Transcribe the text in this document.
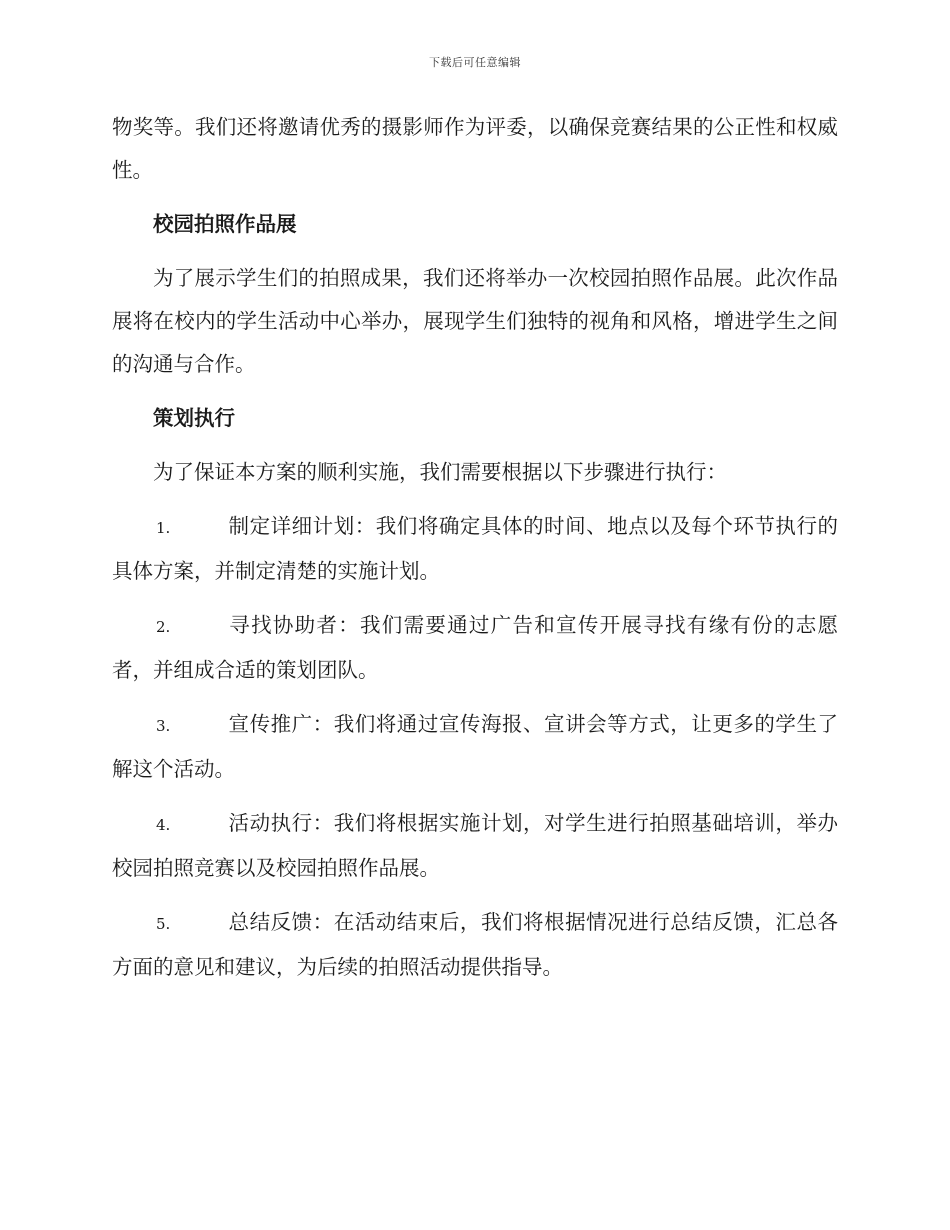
下载后可任意编辑

物奖等。我们还将邀请优秀的摄影师作为评委，以确保竞赛结果的公正性和权威性。

校园拍照作品展

为了展示学生们的拍照成果，我们还将举办一次校园拍照作品展。此次作品展将在校内的学生活动中心举办，展现学生们独特的视角和风格，增进学生之间的沟通与合作。

策划执行

为了保证本方案的顺利实施，我们需要根据以下步骤进行执行：

1.	制定详细计划：我们将确定具体的时间、地点以及每个环节执行的具体方案，并制定清楚的实施计划。
2.	寻找协助者：我们需要通过广告和宣传开展寻找有缘有份的志愿者，并组成合适的策划团队。
3.	宣传推广：我们将通过宣传海报、宣讲会等方式，让更多的学生了解这个活动。
4.	活动执行：我们将根据实施计划，对学生进行拍照基础培训，举办校园拍照竞赛以及校园拍照作品展。
5.	总结反馈：在活动结束后，我们将根据情况进行总结反馈，汇总各方面的意见和建议，为后续的拍照活动提供指导。
